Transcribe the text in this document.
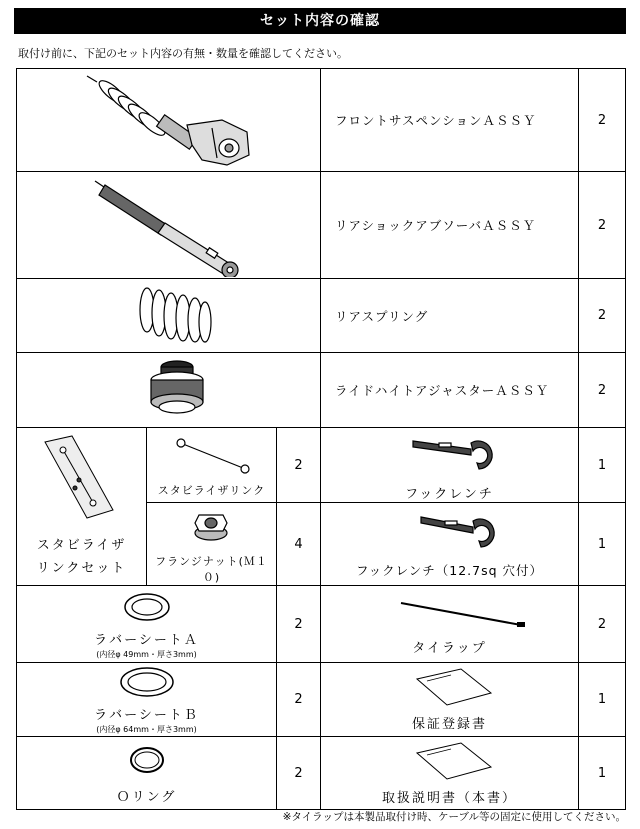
セット内容の確認
取付け前に、下記のセット内容の有無・数量を確認してください。
	フロントサスペンションＡＳＳＹ	2

	リアショックアブソーバＡＳＳＹ	2

	リアスプリング	2

	ライドハイトアジャスターＡＳＳＹ	2

スタビライザ
リンクセット	スタビライザリンク	2	フックレンチ	1

	フランジナット(Ｍ１０)	4	フックレンチ（12.7sq 穴付）	1

ラバーシートＡ
(内径φ 49mm・厚さ3mm)		2	タイラップ	2

ラバーシートＢ
(内径φ 64mm・厚さ3mm)		2	保証登録書	1

Ｏリング		2	取扱説明書（本書）	1
※タイラップは本製品取付け時、ケーブル等の固定に使用してください。
